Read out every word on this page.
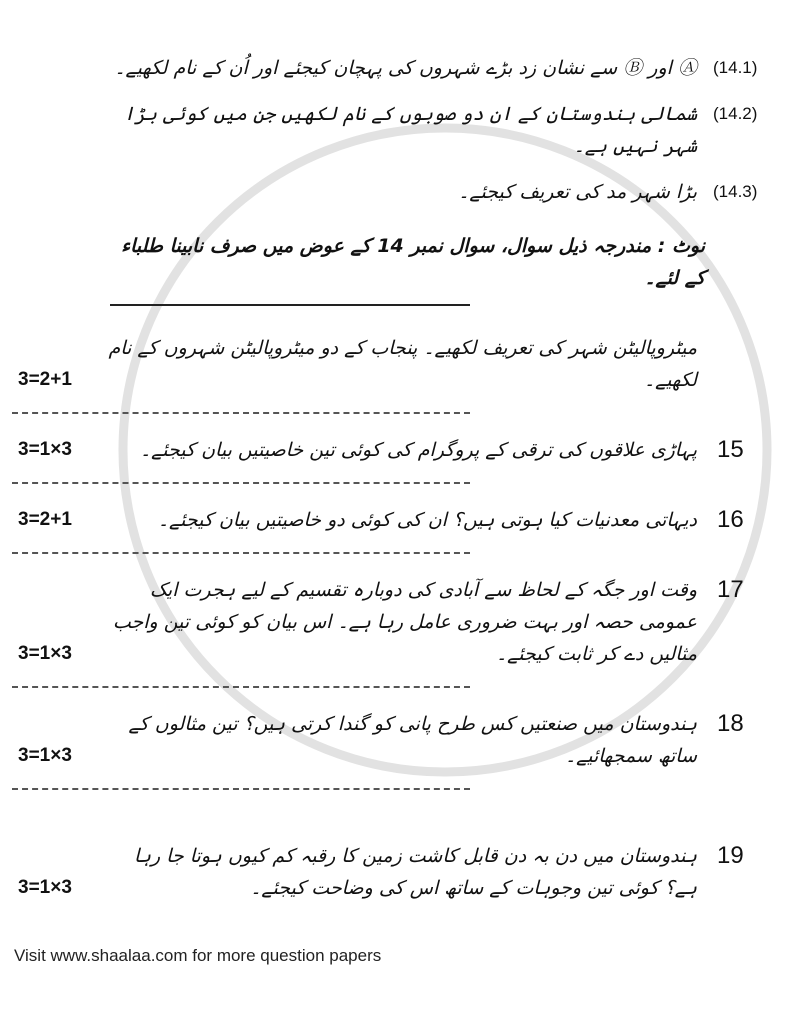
Ⓐ اور Ⓑ سے نشان زد بڑے شہروں کی پہچان کیجئے اور اُن کے نام لکھیے۔ (14.1)
شمالی ہندوستان کے ان دو صوبوں کے نام لکھیں جن میں کوئی بڑا شہر نہیں ہے۔
(14.2)
بڑا شہر مد کی تعریف کیجئے۔ (14.3)
نوٹ : مندرجہ ذیل سوال، سوال نمبر 14 کے عوض میں صرف نابینا طلباء کے لئے۔
3=2+1
میٹروپالیٹن شہر کی تعریف لکھیے۔ پنجاب کے دو میٹروپالیٹن شہروں کے نام لکھیے۔
3=1×3	پہاڑی علاقوں کی ترقی کے پروگرام کی کوئی تین خاصیتیں بیان کیجئے۔ 15
3=2+1	دیہاتی معدنیات کیا ہوتی ہیں؟ ان کی کوئی دو خاصیتیں بیان کیجئے۔ 16
3=1×3
وقت اور جگہ کے لحاظ سے آبادی کی دوبارہ تقسیم کے لیے ہجرت ایک عمومی حصہ اور بہت ضروری عامل رہا ہے۔ اس بیان کو کوئی تین واجب مثالیں دے کر ثابت کیجئے۔
17
3=1×3
ہندوستان میں صنعتیں کس طرح پانی کو گندا کرتی ہیں؟ تین مثالوں کے ساتھ سمجھائیے۔
18
3=1×3
ہندوستان میں دن بہ دن قابل کاشت زمین کا رقبہ کم کیوں ہوتا جا رہا ہے؟ کوئی تین وجوہات کے ساتھ اس کی وضاحت کیجئے۔
19
Visit www.shaalaa.com for more question papers
